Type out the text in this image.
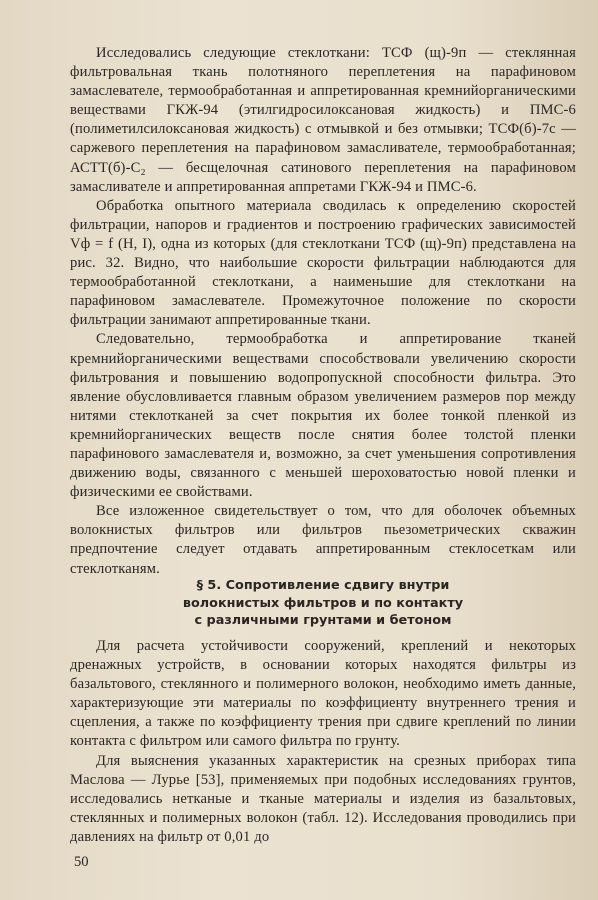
Исследовались следующие стеклоткани: ТСФ (щ)-9п — стеклянная фильтровальная ткань полотняного переплетения на парафиновом замаслевателе, термообработанная и аппретированная кремнийорганическими веществами ГКЖ-94 (этилгидросилоксановая жидкость) и ПМС-6 (полиметилсилоксановая жидкость) с отмывкой и без отмывки; ТСФ(б)-7с — саржевого переплетения на парафиновом замасливателе, термообработанная; АСТТ(б)-С₂ — бесщелочная сатинового переплетения на парафиновом замасливателе и аппретированная аппретами ГКЖ-94 и ПМС-6.

Обработка опытного материала сводилась к определению скоростей фильтрации, напоров и градиентов и построению графических зависимостей Vф = f (H, I), одна из которых (для стеклоткани ТСФ (щ)-9п) представлена на рис. 32. Видно, что наибольшие скорости фильтрации наблюдаются для термообработанной стеклоткани, а наименьшие для стеклоткани на парафиновом замаслевателе. Промежуточное положение по скорости фильтрации занимают аппретированные ткани.

Следовательно, термообработка и аппретирование тканей кремнийорганическими веществами способствовали увеличению скорости фильтрования и повышению водопропускной способности фильтра. Это явление обусловливается главным образом увеличением размеров пор между нитями стеклотканей за счет покрытия их более тонкой пленкой из кремнийорганических веществ после снятия более толстой пленки парафинового замаслевателя и, возможно, за счет уменьшения сопротивления движению воды, связанного с меньшей шероховатостью новой пленки и физическими ее свойствами.

Все изложенное свидетельствует о том, что для оболочек объемных волокнистых фильтров или фильтров пьезометрических скважин предпочтение следует отдавать аппретированным стеклосеткам или стеклотканям.

§ 5. Сопротивление сдвигу внутри
волокнистых фильтров и по контакту
с различными грунтами и бетоном

Для расчета устойчивости сооружений, креплений и некоторых дренажных устройств, в основании которых находятся фильтры из базальтового, стеклянного и полимерного волокон, необходимо иметь данные, характеризующие эти материалы по коэффициенту внутреннего трения и сцепления, а также по коэффициенту трения при сдвиге креплений по линии контакта с фильтром или самого фильтра по грунту.

Для выяснения указанных характеристик на срезных приборах типа Маслова — Лурье [53], применяемых при подобных исследованиях грунтов, исследовались нетканые и тканые материалы и изделия из базальтовых, стеклянных и полимерных волокон (табл. 12). Исследования проводились при давлениях на фильтр от 0,01 до

50
